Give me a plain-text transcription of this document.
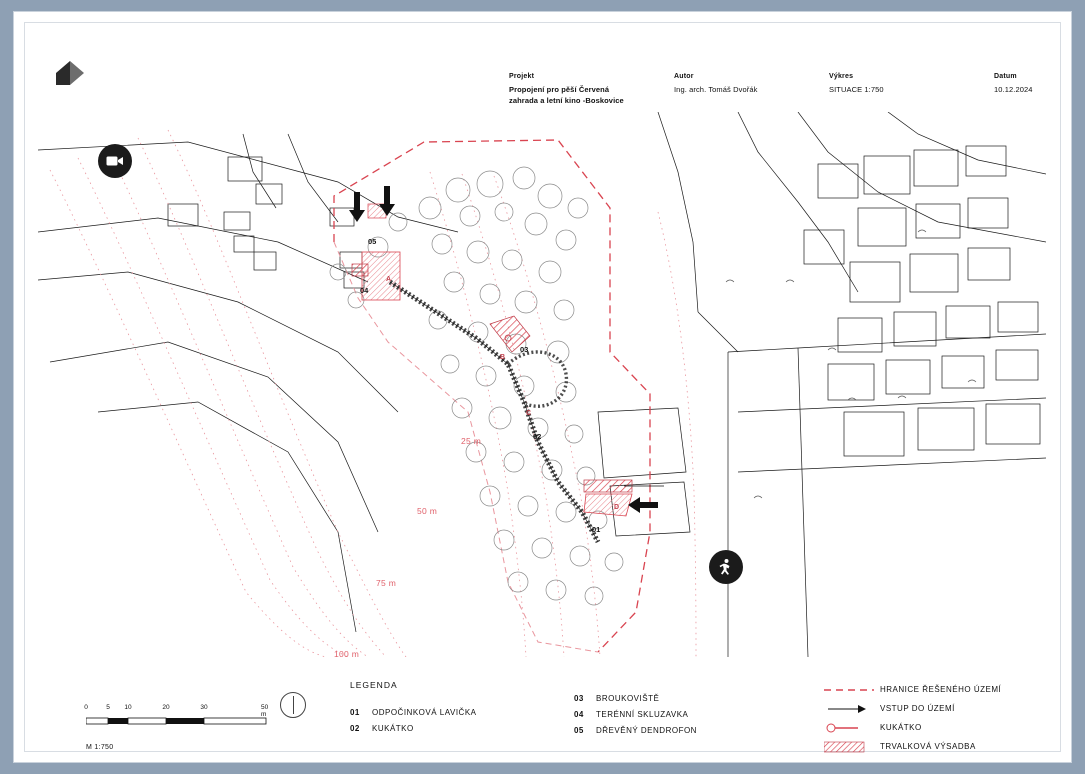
Projekt
Propojení pro pěší Červená
zahrada a letní kino -Boskovice
Autor
Ing. arch. Tomáš Dvořák
Výkres
SITUACE 1:750
Datum
10.12.2024
25 m
50 m
75 m
100 m
01
02
03
04
05
A
B
C
D
LEGENDA
01	ODPOČINKOVÁ LAVIČKA
02	KUKÁTKO
03	BROUKOVIŠTĚ
04	TERÉNNÍ SKLUZAVKA
05	DŘEVĚNÝ DENDROFON
HRANICE ŘEŠENÉHO ÚZEMÍ
VSTUP DO ÚZEMÍ
KUKÁTKO
TRVALKOVÁ VÝSADBA
0	5 10	20	30	50 m
M 1:750
